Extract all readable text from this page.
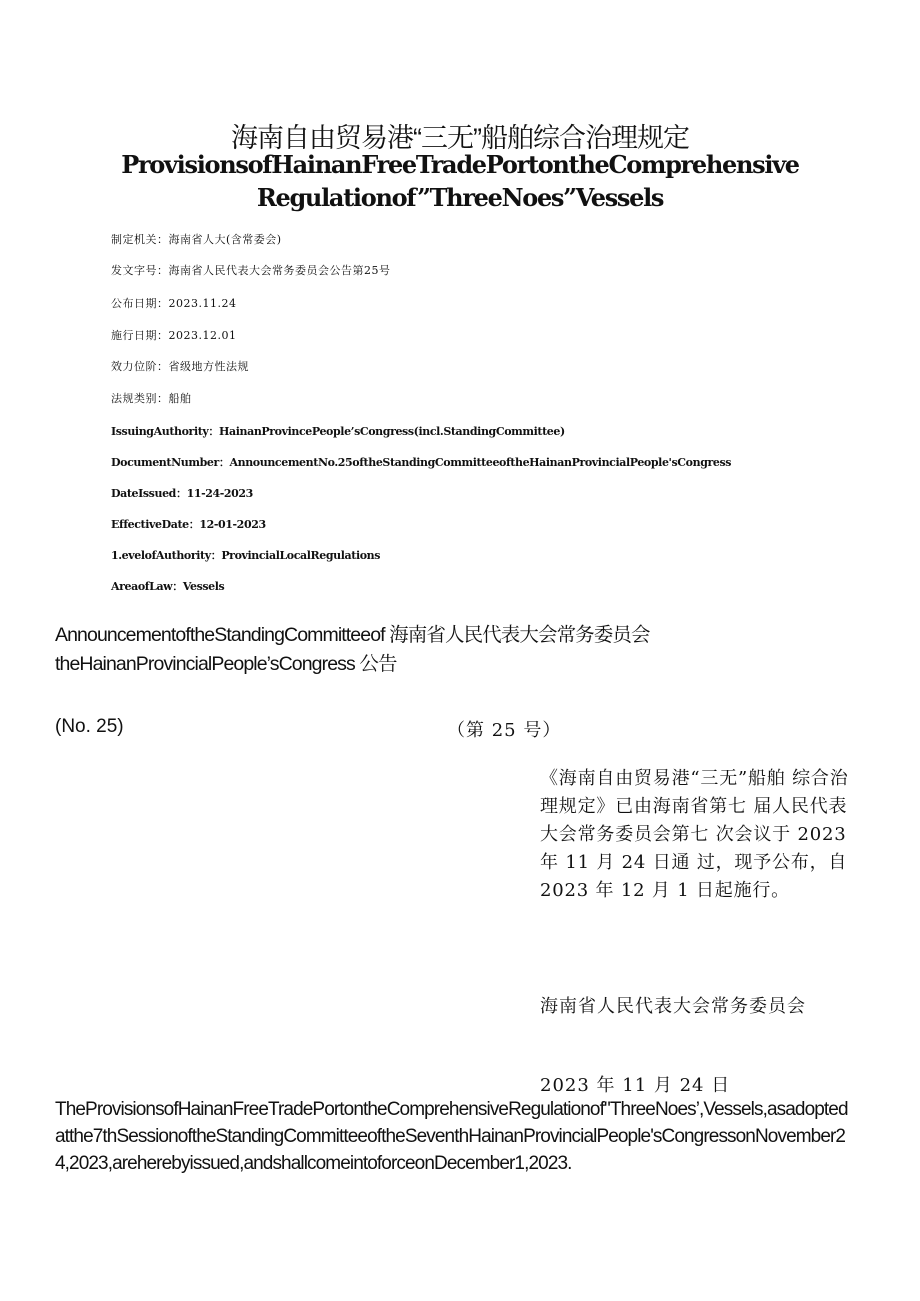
海南自由贸易港“三无”船舶综合治理规定
ProvisionsofHainanFreeTradePortontheComprehensive
Regulationof”ThreeNoes”Vessels
制定机关：海南省人大(含常委会)
发文字号：海南省人民代表大会常务委员会公告第25号
公布日期：2023.11.24
施行日期：2023.12.01
效力位阶：省级地方性法规
法规类别：船舶
IssuingAuthority：HainanProvincePeople’sCongress(incl.StandingCommittee)
DocumentNumber：AnnouncementNo.25oftheStandingCommitteeoftheHainanProvincialPeople'sCongress
DateIssued：11-24-2023
EffectiveDate：12-01-2023
1.evelofAuthority：ProvincialLocalRegulations
AreaofLaw：Vessels
AnnouncementoftheStandingCommitteeof 海南省人民代表大会常务委员会
theHainanProvincialPeople’sCongress 公告
(No. 25)	（第 25 号）
《海南自由贸易港“三无”船舶 综合治理规定》已由海南省第七 届人民代表大会常务委员会第七 次会议于 2023 年 11 月 24 日通 过，现予公布，自 2023 年 12 月 1 日起施行。
海南省人民代表大会常务委员会
2023 年 11 月 24 日
TheProvisionsofHainanFreeTradePortontheComprehensiveRegulationof"ThreeNoes’,Vessels,asadoptedatthe7thSessionoftheStandingCommitteeoftheSeventhHainanProvincialPeople'sCongressonNovember24,2023,areherebyissued,andshallcomeintoforceonDecember1,2023.
